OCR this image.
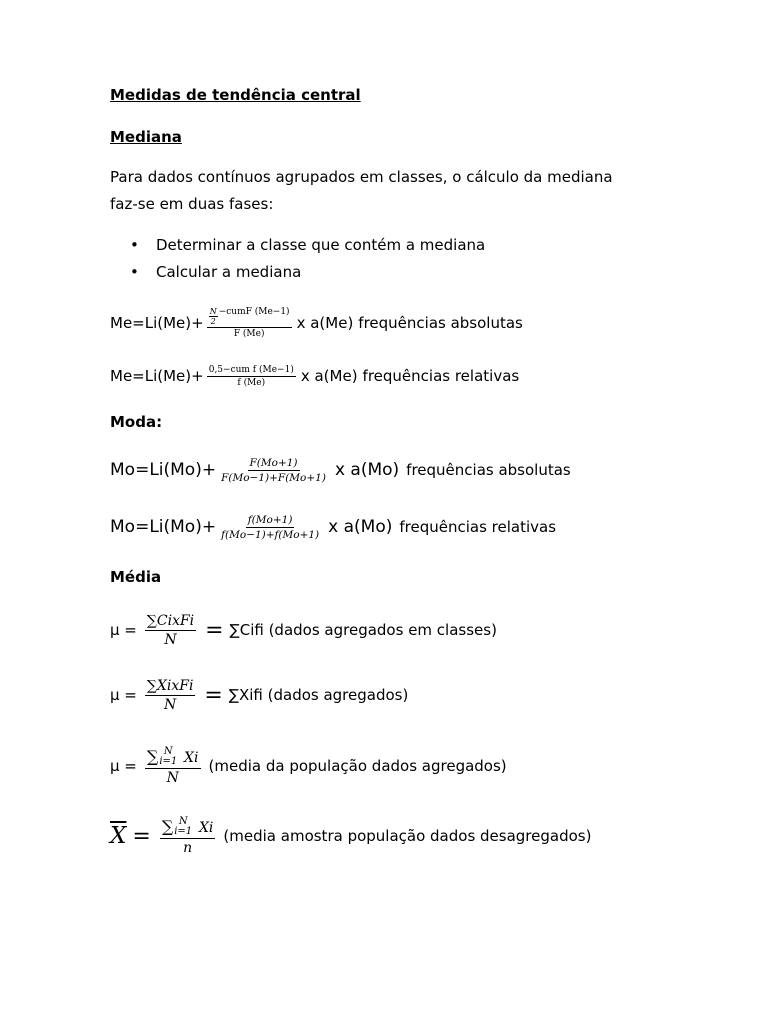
Medidas de tendência central
Mediana
Para dados contínuos agrupados em classes, o cálculo da mediana
faz-se em duas fases:
• Determinar a classe que contém a mediana
• Calcular a mediana
$Me=Li(Me)+ \frac{\frac{N}{2} -cumF (Me-1)}{F (Me)}$ x a(Me) frequências absolutas
$Me=Li(Me)+ \frac{\text{0,5−cum f (Me−1)}}{f (Me)}$ x a(Me) frequências relativas
Moda:
$Mo=Li(Mo)+ \frac{F(Mo+1)}{F(Mo-1)+F(Mo+1)}$ x a(Mo) frequências absolutas
$Mo=Li(Mo)+ \frac{f(Mo+1)}{f(Mo-1)+f(Mo+1)}$ x a(Mo) frequências relativas
Média
$\mu = \frac{\text{∑CixFi}}{N}$ = ∑Cifi (dados agregados em classes)
$\mu = \frac{\text{∑XixFi}}{N}$ = ∑Xifi (dados agregados)
µ =
∑ N
i=1 Xi
N
(media da população dados agregados)
$\overline{X}$ = ∑ N
i=1 Xi
n
(media amostra população dados desagregados)
